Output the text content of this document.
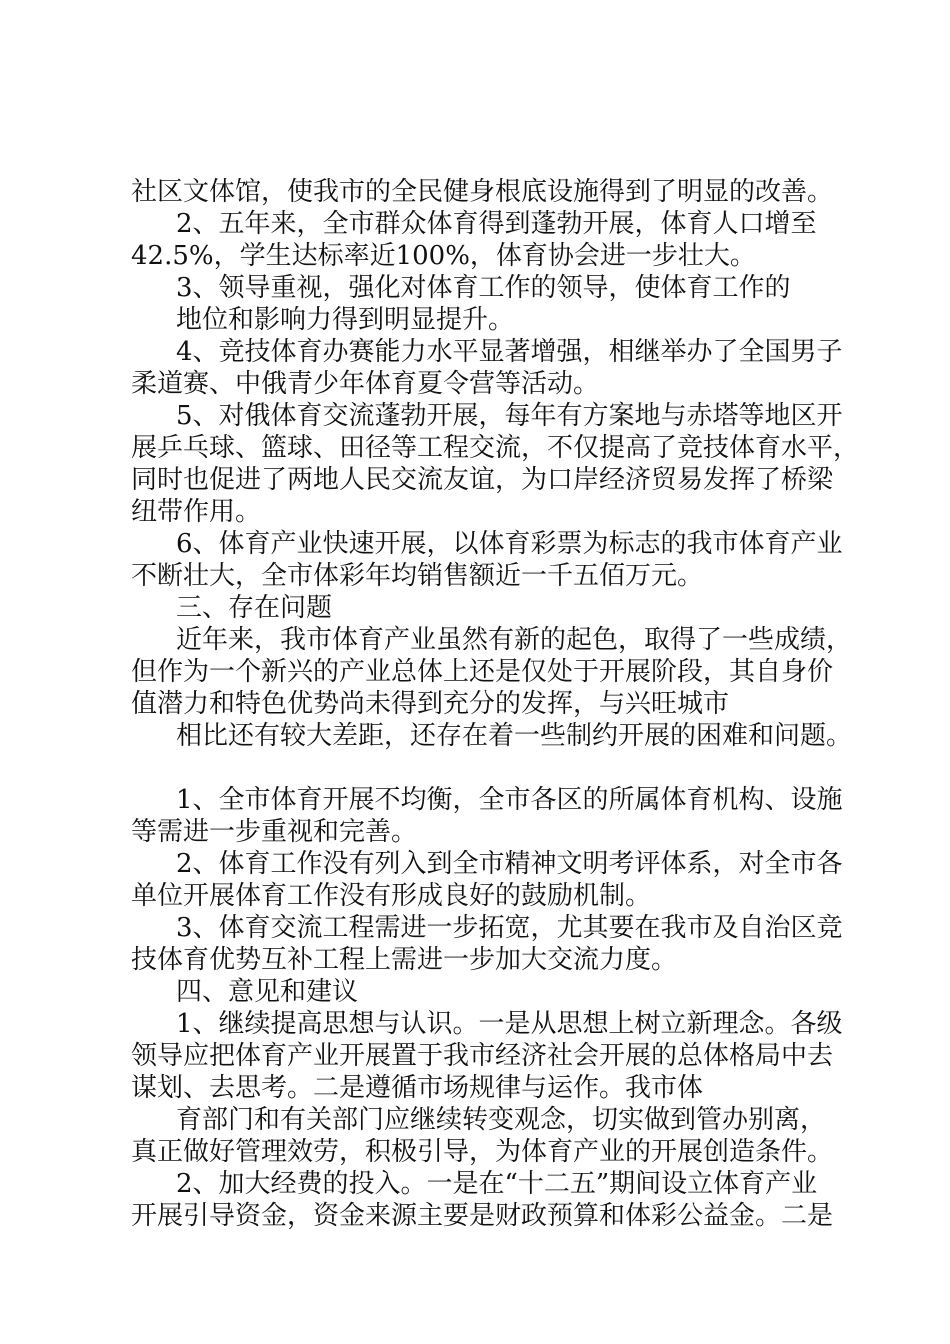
社区文体馆，使我市的全民健身根底设施得到了明显的改善。
2、五年来，全市群众体育得到蓬勃开展，体育人口增至
42.5%，学生达标率近100%，体育协会进一步壮大。
3、领导重视，强化对体育工作的领导，使体育工作的
地位和影响力得到明显提升。
4、竞技体育办赛能力水平显著增强，相继举办了全国男子
柔道赛、中俄青少年体育夏令营等活动。
5、对俄体育交流蓬勃开展，每年有方案地与赤塔等地区开
展乒乓球、篮球、田径等工程交流，不仅提高了竞技体育水平，
同时也促进了两地人民交流友谊，为口岸经济贸易发挥了桥梁
纽带作用。
6、体育产业快速开展，以体育彩票为标志的我市体育产业
不断壮大，全市体彩年均销售额近一千五佰万元。
三、存在问题
近年来，我市体育产业虽然有新的起色，取得了一些成绩，
但作为一个新兴的产业总体上还是仅处于开展阶段，其自身价
值潜力和特色优势尚未得到充分的发挥，与兴旺城市
相比还有较大差距，还存在着一些制约开展的困难和问题。
1、全市体育开展不均衡，全市各区的所属体育机构、设施
等需进一步重视和完善。
2、体育工作没有列入到全市精神文明考评体系，对全市各
单位开展体育工作没有形成良好的鼓励机制。
3、体育交流工程需进一步拓宽，尤其要在我市及自治区竞
技体育优势互补工程上需进一步加大交流力度。
四、意见和建议
1、继续提高思想与认识。一是从思想上树立新理念。各级
领导应把体育产业开展置于我市经济社会开展的总体格局中去
谋划、去思考。二是遵循市场规律与运作。我市体
育部门和有关部门应继续转变观念，切实做到管办别离，
真正做好管理效劳，积极引导，为体育产业的开展创造条件。
2、加大经费的投入。一是在“十二五”期间设立体育产业
开展引导资金，资金来源主要是财政预算和体彩公益金。二是
